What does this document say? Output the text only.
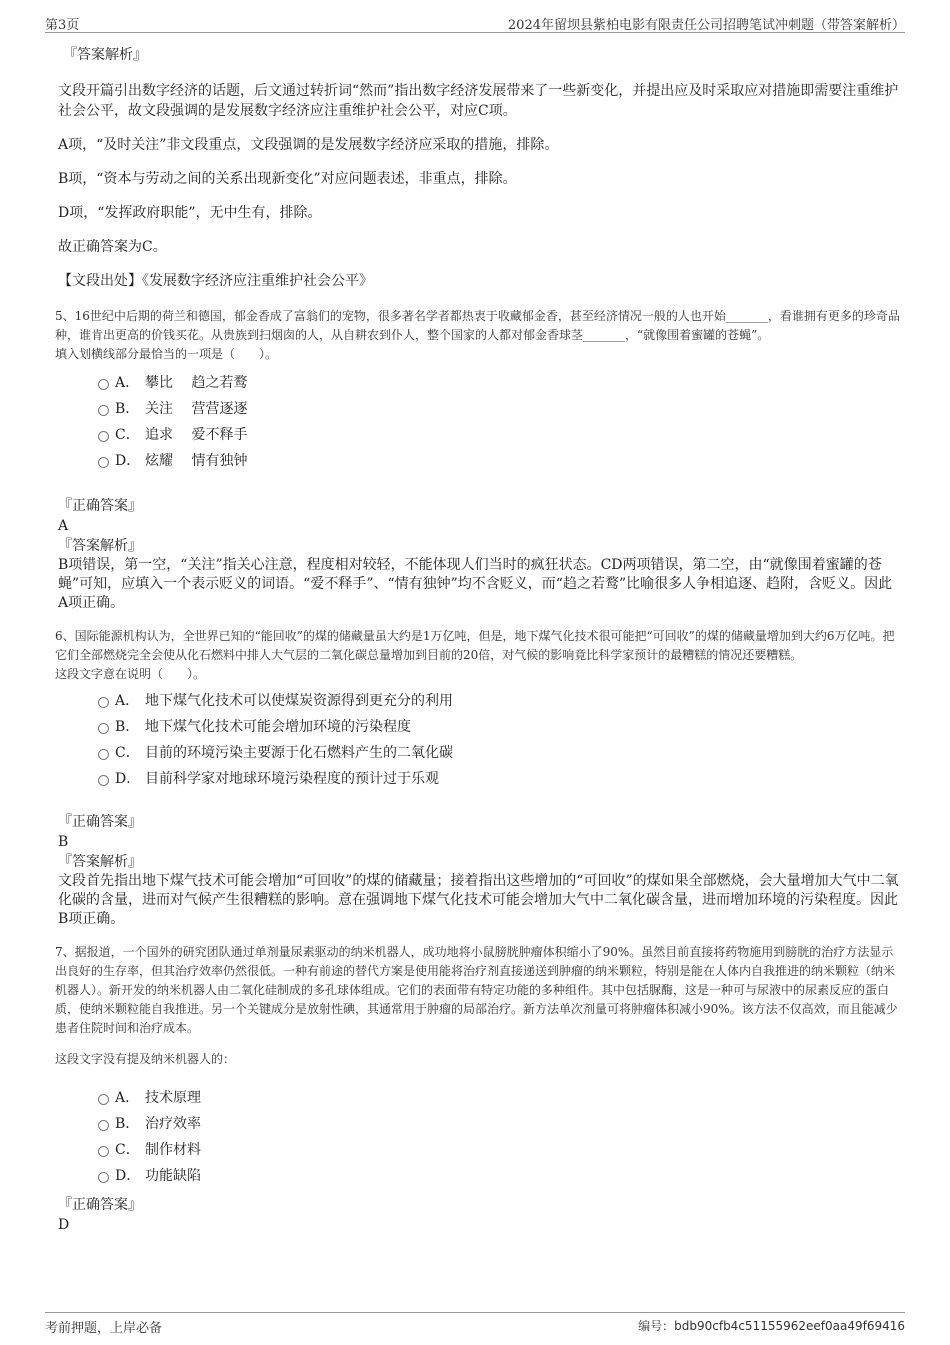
第3页	2024年留坝县紫柏电影有限责任公司招聘笔试冲刺题（带答案解析）

『答案解析』

文段开篇引出数字经济的话题，后文通过转折词“然而”指出数字经济发展带来了一些新变化，并提出应及时采取应对措施即需要注重维护社会公平，故文段强调的是发展数字经济应注重维护社会公平，对应C项。

A项，“及时关注”非文段重点，文段强调的是发展数字经济应采取的措施，排除。

B项，“资本与劳动之间的关系出现新变化”对应问题表述，非重点，排除。

D项，“发挥政府职能”，无中生有，排除。

故正确答案为C。

【文段出处】《发展数字经济应注重维护社会公平》

5、16世纪中后期的荷兰和德国，郁金香成了富翁们的宠物，很多著名学者都热衷于收藏郁金香，甚至经济情况一般的人也开始_______，看谁拥有更多的珍奇品种，谁肯出更高的价钱买花。从贵族到扫烟囱的人，从自耕农到仆人，整个国家的人都对郁金香球茎_______，“就像围着蜜罐的苍蝇”。

填入划横线部分最恰当的一项是（　　）。

A． 攀比　 趋之若鹜
B． 关注　 营营逐逐
C． 追求　 爱不释手
D． 炫耀　 情有独钟

『正确答案』

A

『答案解析』

B项错误，第一空，“关注”指关心注意，程度相对较轻，不能体现人们当时的疯狂状态。CD两项错误，第二空，由“就像围着蜜罐的苍蝇”可知，应填入一个表示贬义的词语。“爱不释手”、“情有独钟”均不含贬义，而“趋之若鹜”比喻很多人争相追逐、趋附，含贬义。因此A项正确。

6、国际能源机构认为，全世界已知的“能回收”的煤的储藏量虽大约是1万亿吨，但是，地下煤气化技术很可能把“可回收”的煤的储藏量增加到大约6万亿吨。把它们全部燃烧完全会使从化石燃料中排人大气层的二氧化碳总量增加到目前的20倍，对气候的影响竟比科学家预计的最糟糕的情况还要糟糕。

这段文字意在说明（　　）。

A． 地下煤气化技术可以使煤炭资源得到更充分的利用
B． 地下煤气化技术可能会增加环境的污染程度
C． 目前的环境污染主要源于化石燃料产生的二氧化碳
D． 目前科学家对地球环境污染程度的预计过于乐观

『正确答案』

B

『答案解析』

文段首先指出地下煤气技术可能会增加“可回收”的煤的储藏量；接着指出这些增加的“可回收”的煤如果全部燃烧，会大量增加大气中二氧化碳的含量，进而对气候产生很糟糕的影响。意在强调地下煤气化技术可能会增加大气中二氧化碳含量，进而增加环境的污染程度。因此B项正确。

7、据报道，一个国外的研究团队通过单剂量尿素驱动的纳米机器人，成功地将小鼠膀胱肿瘤体积缩小了90%。虽然目前直接将药物施用到膀胱的治疗方法显示出良好的生存率，但其治疗效率仍然很低。一种有前途的替代方案是使用能将治疗剂直接递送到肿瘤的纳米颗粒，特别是能在人体内自我推进的纳米颗粒（纳米机器人）。新开发的纳米机器人由二氧化硅制成的多孔球体组成。它们的表面带有特定功能的多种组件。其中包括脲酶，这是一种可与尿液中的尿素反应的蛋白质，使纳米颗粒能自我推进。另一个关键成分是放射性碘，其通常用于肿瘤的局部治疗。新方法单次剂量可将肿瘤体积减小90%。该方法不仅高效，而且能减少患者住院时间和治疗成本。

这段文字没有提及纳米机器人的：

A． 技术原理
B． 治疗效率
C． 制作材料
D． 功能缺陷

『正确答案』

D

考前押题，上岸必备	编号：bdb90cfb4c51155962eef0aa49f69416
